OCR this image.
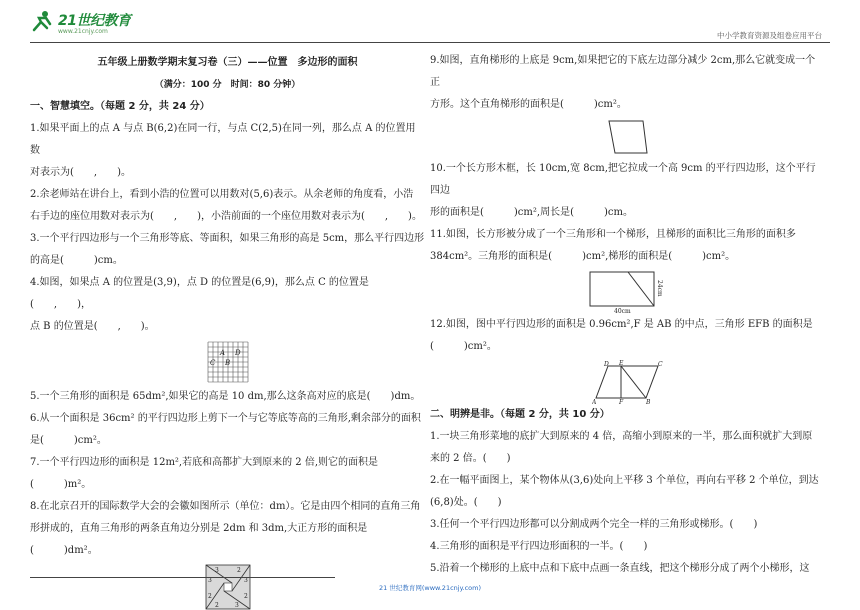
21世纪教育
www.21cnjy.com	中小学教育资源及组卷应用平台

五年级上册数学期末复习卷（三）——位置　多边形的面积

（满分：100 分　时间：80 分钟）

一、智慧填空。（每题 2 分，共 24 分）

1.如果平面上的点 A 与点 B(6,2)在同一行，与点 C(2,5)在同一列，那么点 A 的位置用数

对表示为(　　,　　)。

2.余老师站在讲台上，看到小浩的位置可以用数对(5,6)表示。从余老师的角度看，小浩

右手边的座位用数对表示为(　　,　　)，小浩前面的一个座位用数对表示为(　　,　　)。

3.一个平行四边形与一个三角形等底、等面积，如果三角形的高是 5cm，那么平行四边形

的高是(　　　)cm。

4.如图，如果点 A 的位置是(3,9)，点 D 的位置是(6,9)，那么点 C 的位置是(　　,　　)，

点 B 的位置是(　　,　　)。

A D
C B

5.一个三角形的面积是 65dm²,如果它的高是 10 dm,那么这条高对应的底是(　　)dm。

6.从一个面积是 36cm² 的平行四边形上剪下一个与它等底等高的三角形,剩余部分的面积

是(　　　)cm²。

7.一个平行四边形的面积是 12m²,若底和高都扩大到原来的 2 倍,则它的面积是

(　　　)m²。

8.在北京召开的国际数学大会的会徽如图所示（单位：dm）。它是由四个相同的直角三角

形拼成的，直角三角形的两条直角边分别是 2dm 和 3dm,大正方形的面积是(　　　)dm²。

3	2
3
2
2	3
2
3

9.如图，直角梯形的上底是 9cm,如果把它的下底左边部分减少 2cm,那么它就变成一个正

方形。这个直角梯形的面积是(　　　)cm²。

10.一个长方形木框，长 10cm,宽 8cm,把它拉成一个高 9cm 的平行四边形，这个平行四边

形的面积是(　　　)cm²,周长是(　　　)cm。

11.如图，长方形被分成了一个三角形和一个梯形，且梯形的面积比三角形的面积多

384cm²。三角形的面积是(　　　)cm²,梯形的面积是(　　　)cm²。

24cm
40cm

12.如图，图中平行四边形的面积是 0.96cm²,F 是 AB 的中点，三角形 EFB 的面积是

(　　　)cm²。

D E	C
A	F	B

二、明辨是非。（每题 2 分，共 10 分）

1.一块三角形菜地的底扩大到原来的 4 倍，高缩小到原来的一半，那么面积就扩大到原

来的 2 倍。(　　)

2.在一幅平面图上，某个物体从(3,6)处向上平移 3 个单位，再向右平移 2 个单位，到达

(6,8)处。(　　)

3.任何一个平行四边形都可以分割成两个完全一样的三角形或梯形。(　　)

4.三角形的面积是平行四边形面积的一半。(　　)

5.沿着一个梯形的上底中点和下底中点画一条直线，把这个梯形分成了两个小梯形，这

21 世纪教育网(www.21cnjy.com)
